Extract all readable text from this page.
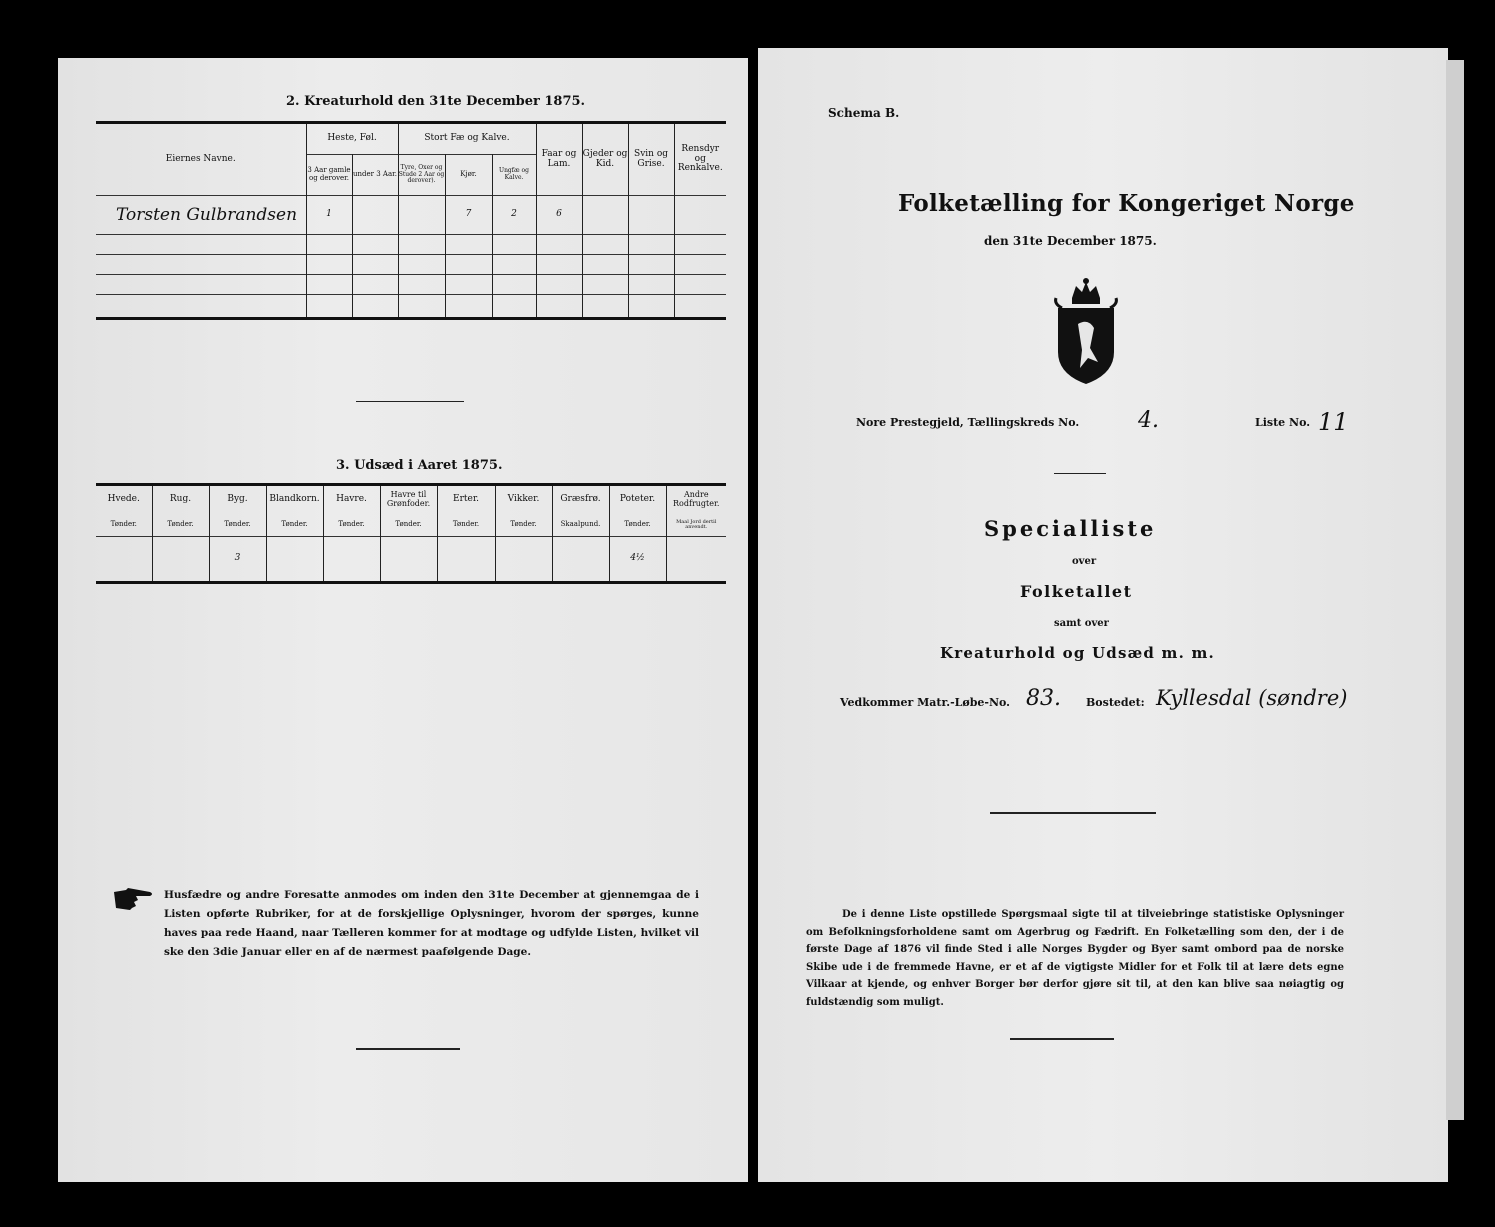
2. Kreaturhold den 31te December 1875.
Eiernes Navne.	Heste, Føl.		Stort Fæ og Kalve.			Faar og Lam.	Gjeder og Kid.	Svin og Grise.	Rensdyr og Renkalve.
	3 Aar gamle og derover.	under 3 Aar.	Tyre, Oxer og Stude 2 Aar og derover).	Kjør.	Ungfæ og Kalve.				
Torsten Gulbrandsen	1			7	2	6			

3. Udsæd i Aaret 1875.
Hvede.	Rug.	Byg.	Blandkorn.	Havre.	Havre til Grønfoder.	Erter.	Vikker.	Græsfrø.	Poteter.	Andre Rodfrugter.
Tønder.	Tønder.	Tønder.	Tønder.	Tønder.	Tønder.	Tønder.	Tønder.	Skaalpund.	Tønder.	Maal Jord dertil anvendt.
		3							4½	
Husfædre og andre Foresatte anmodes om inden den 31te December at gjennemgaa de i Listen opførte Rubriker, for at de forskjellige Oplysninger, hvorom der spørges, kunne haves paa rede Haand, naar Tælleren kommer for at modtage og udfylde Listen, hvilket vil ske den 3die Januar eller en af de nærmest paafølgende Dage.
Schema B.
Folketælling for Kongeriget Norge
den 31te December 1875.
Nore Prestegjeld, Tællingskreds No.	4.	Liste No. 11
Specialliste
over
Folketallet
samt over
Kreaturhold og Udsæd m. m.
Vedkommer Matr.-Løbe-No. 83. Bostedet: Kyllesdal (søndre)
De i denne Liste opstillede Spørgsmaal sigte til at tilveiebringe statistiske Oplysninger om Befolkningsforholdene samt om Agerbrug og Fædrift. En Folketælling som den, der i de første Dage af 1876 vil finde Sted i alle Norges Bygder og Byer samt ombord paa de norske Skibe ude i de fremmede Havne, er et af de vigtigste Midler for et Folk til at lære dets egne Vilkaar at kjende, og enhver Borger bør derfor gjøre sit til, at den kan blive saa nøiagtig og fuldstændig som muligt.
